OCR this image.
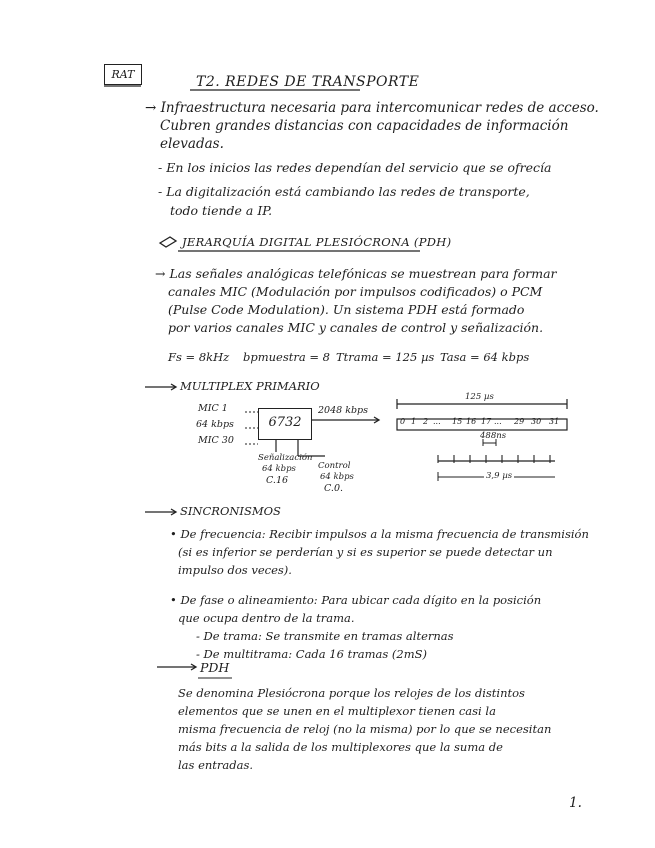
RAT	T2. REDES DE TRANSPORTE
→ Infraestructura necesaria para intercomunicar redes de acceso.
Cubren grandes distancias con capacidades de información
elevadas.
- En los inicios las redes dependían del servicio que se ofrecía
- La digitalización está cambiando las redes de transporte,
todo tiende a IP.
JERARQUÍA DIGITAL PLESIÓCRONA (PDH)
→ Las señales analógicas telefónicas se muestrean para formar
canales MIC (Modulación por impulsos codificados) o PCM
(Pulse Code Modulation). Un sistema PDH está formado
por varios canales MIC y canales de control y señalización.
Fs = 8kHz bpmuestra = 8 Ttrama = 125 µs Tasa = 64 kbps
MULTIPLEX PRIMARIO
MIC 1
64 kbps
MIC 30
6732
2048 kbps
Señalización
64 kbps
C.16
Control
64 kbps
C.0.
125 µs
0 1 2 ... 15 16 17 ... 29 30 31
488ns
3,9 µs
SINCRONISMOS
• De frecuencia: Recibir impulsos a la misma frecuencia de transmisión
(si es inferior se perderían y si es superior se puede detectar un
impulso dos veces).
• De fase o alineamiento: Para ubicar cada dígito en la posición
que ocupa dentro de la trama.
- De trama: Se transmite en tramas alternas
- De multitrama: Cada 16 tramas (2mS)
PDH
Se denomina Plesiócrona porque los relojes de los distintos
elementos que se unen en el multiplexor tienen casi la
misma frecuencia de reloj (no la misma) por lo que se necesitan
más bits a la salida de los multiplexores que la suma de
las entradas.
1.
